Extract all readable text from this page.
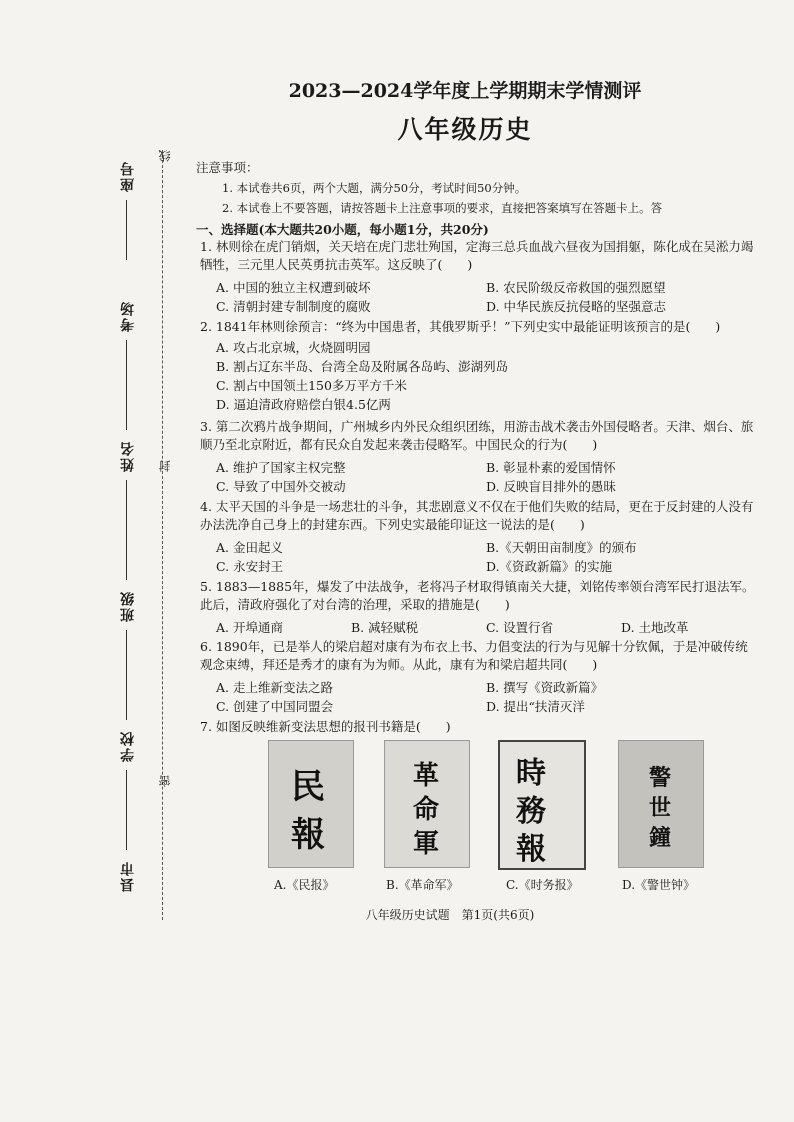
座号
考场
姓名
班级
学校
县市
线
封
密
2023—2024学年度上学期期末学情测评
八年级历史
注意事项：
1. 本试卷共6页，两个大题，满分50分，考试时间50分钟。
2. 本试卷上不要答题，请按答题卡上注意事项的要求，直接把答案填写在答题卡上。答
一、选择题(本大题共20小题，每小题1分，共20分)
1. 林则徐在虎门销烟，关天培在虎门悲壮殉国，定海三总兵血战六昼夜为国捐躯，陈化成在吴淞力竭牺牲，三元里人民英勇抗击英军。这反映了(　　)
A. 中国的独立主权遭到破坏	B. 农民阶级反帝救国的强烈愿望
C. 清朝封建专制制度的腐败	D. 中华民族反抗侵略的坚强意志
2. 1841年林则徐预言：“终为中国患者，其俄罗斯乎！”下列史实中最能证明该预言的是(　　)
A. 攻占北京城，火烧圆明园
B. 割占辽东半岛、台湾全岛及附属各岛屿、澎湖列岛
C. 割占中国领土150多万平方千米
D. 逼迫清政府赔偿白银4.5亿两
3. 第二次鸦片战争期间，广州城乡内外民众组织团练，用游击战术袭击外国侵略者。天津、烟台、旅顺乃至北京附近，都有民众自发起来袭击侵略军。中国民众的行为(　　)
A. 维护了国家主权完整	B. 彰显朴素的爱国情怀
C. 导致了中国外交被动	D. 反映盲目排外的愚昧
4. 太平天国的斗争是一场悲壮的斗争，其悲剧意义不仅在于他们失败的结局，更在于反封建的人没有办法洗净自己身上的封建东西。下列史实最能印证这一说法的是(　　)
A. 金田起义	B.《天朝田亩制度》的颁布
C. 永安封王	D.《资政新篇》的实施
5. 1883—1885年，爆发了中法战争，老将冯子材取得镇南关大捷，刘铭传率领台湾军民打退法军。此后，清政府强化了对台湾的治理，采取的措施是(　　)
A. 开埠通商	B. 减轻赋税	C. 设置行省	D. 土地改革
6. 1890年，已是举人的梁启超对康有为布衣上书、力倡变法的行为与见解十分钦佩，于是冲破传统观念束缚，拜还是秀才的康有为为师。从此，康有为和梁启超共同(　　)
A. 走上维新变法之路	B. 撰写《资政新篇》
C. 创建了中国同盟会	D. 提出“扶清灭洋
7. 如图反映维新变法思想的报刊书籍是(　　)
民
報
A.《民报》
革
命
軍
B.《革命军》
時
務
報
C.《时务报》
警
世
鐘
D.《警世钟》
八年级历史试题　第1页(共6页)
